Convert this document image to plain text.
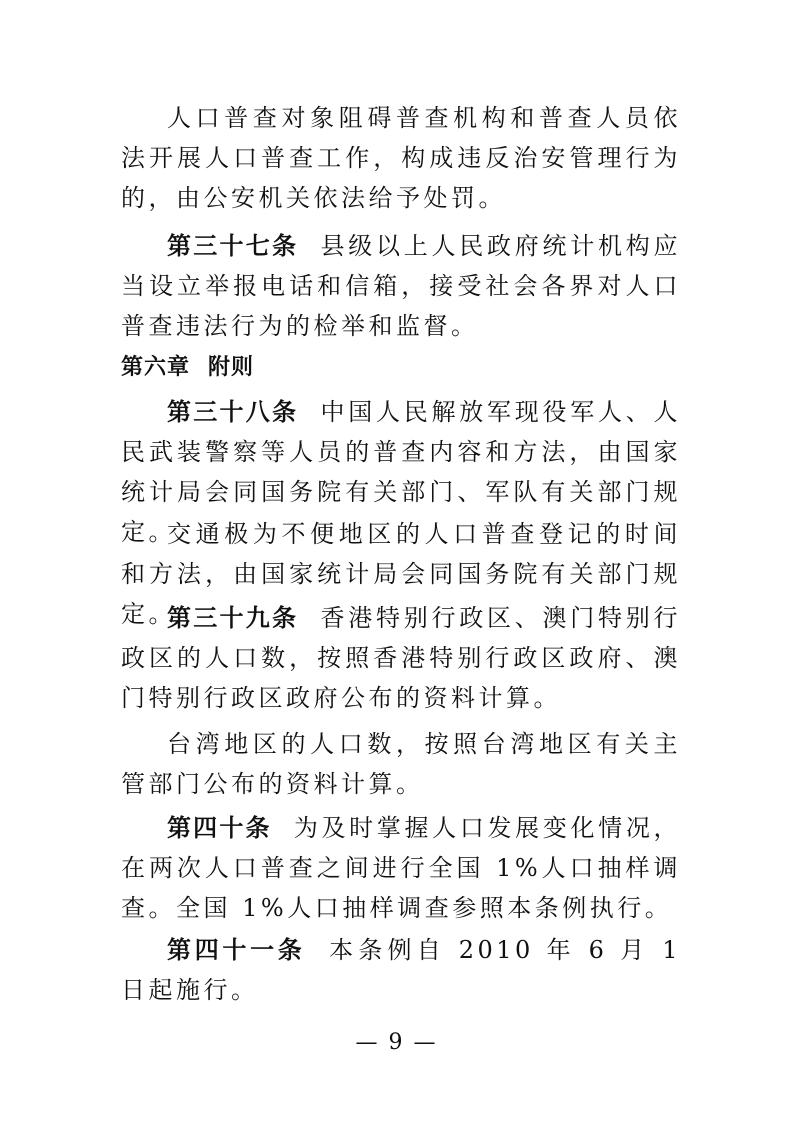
人口普查对象阻碍普查机构和普查人员依法开展人口普查工作，构成违反治安管理行为的，由公安机关依法给予处罚。

第三十七条 县级以上人民政府统计机构应当设立举报电话和信箱，接受社会各界对人口普查违法行为的检举和监督。

第六章 附则

第三十八条 中国人民解放军现役军人、人民武装警察等人员的普查内容和方法，由国家统计局会同国务院有关部门、军队有关部门规定。

交通极为不便地区的人口普查登记的时间和方法，由国家统计局会同国务院有关部门规定。

第三十九条 香港特别行政区、澳门特别行政区的人口数，按照香港特别行政区政府、澳门特别行政区政府公布的资料计算。

台湾地区的人口数，按照台湾地区有关主管部门公布的资料计算。

第四十条 为及时掌握人口发展变化情况，在两次人口普查之间进行全国 1%人口抽样调查。全国 1%人口抽样调查参照本条例执行。

第四十一条 本条例自 2010 年 6 月 1 日起施行。

— 9 —
